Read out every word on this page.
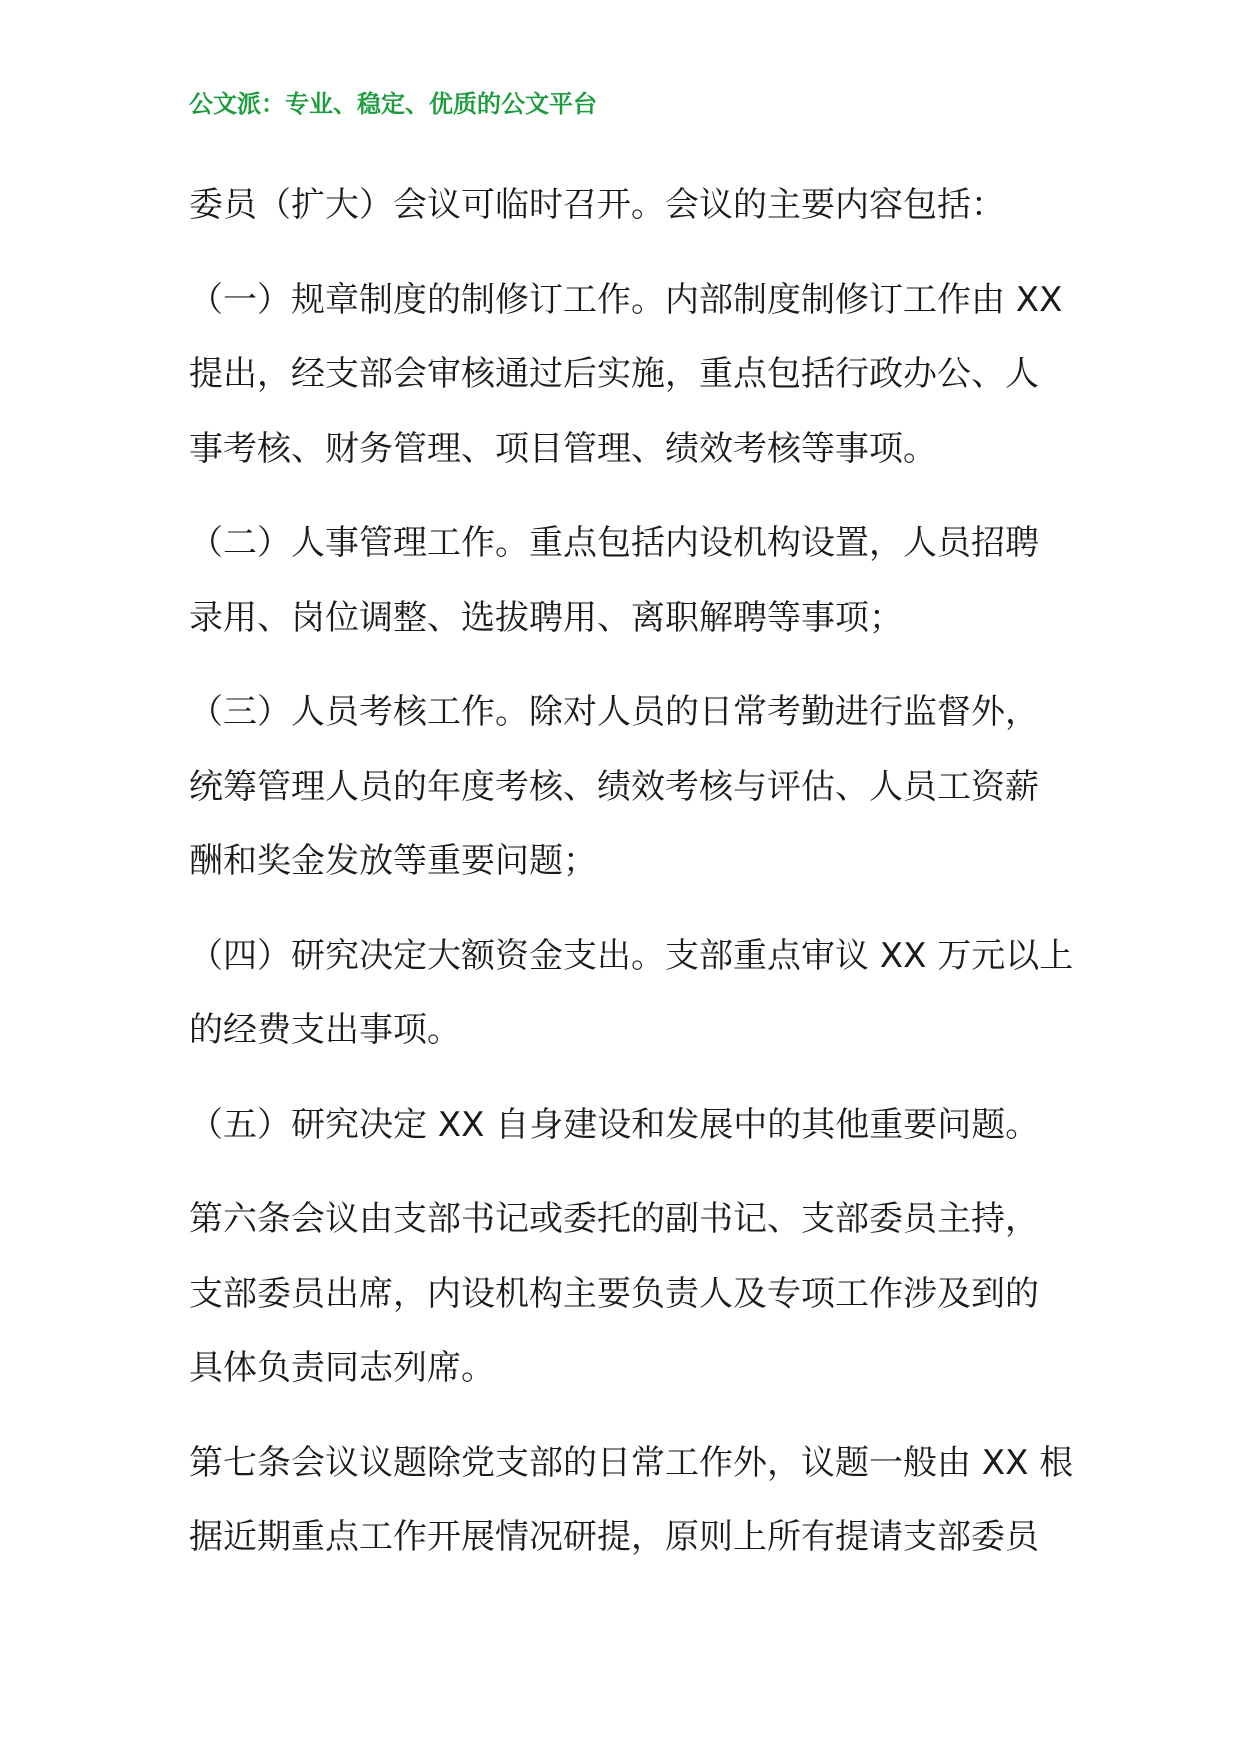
公文派：专业、稳定、优质的公文平台

委员（扩大）会议可临时召开。会议的主要内容包括：

（一）规章制度的制修订工作。内部制度制修订工作由 XX
提出，经支部会审核通过后实施，重点包括行政办公、人
事考核、财务管理、项目管理、绩效考核等事项。

（二）人事管理工作。重点包括内设机构设置，人员招聘
录用、岗位调整、选拔聘用、离职解聘等事项；

（三）人员考核工作。除对人员的日常考勤进行监督外，
统筹管理人员的年度考核、绩效考核与评估、人员工资薪
酬和奖金发放等重要问题；

（四）研究决定大额资金支出。支部重点审议 XX 万元以上
的经费支出事项。

（五）研究决定 XX 自身建设和发展中的其他重要问题。

第六条会议由支部书记或委托的副书记、支部委员主持，
支部委员出席，内设机构主要负责人及专项工作涉及到的
具体负责同志列席。

第七条会议议题除党支部的日常工作外，议题一般由 XX 根
据近期重点工作开展情况研提，原则上所有提请支部委员
